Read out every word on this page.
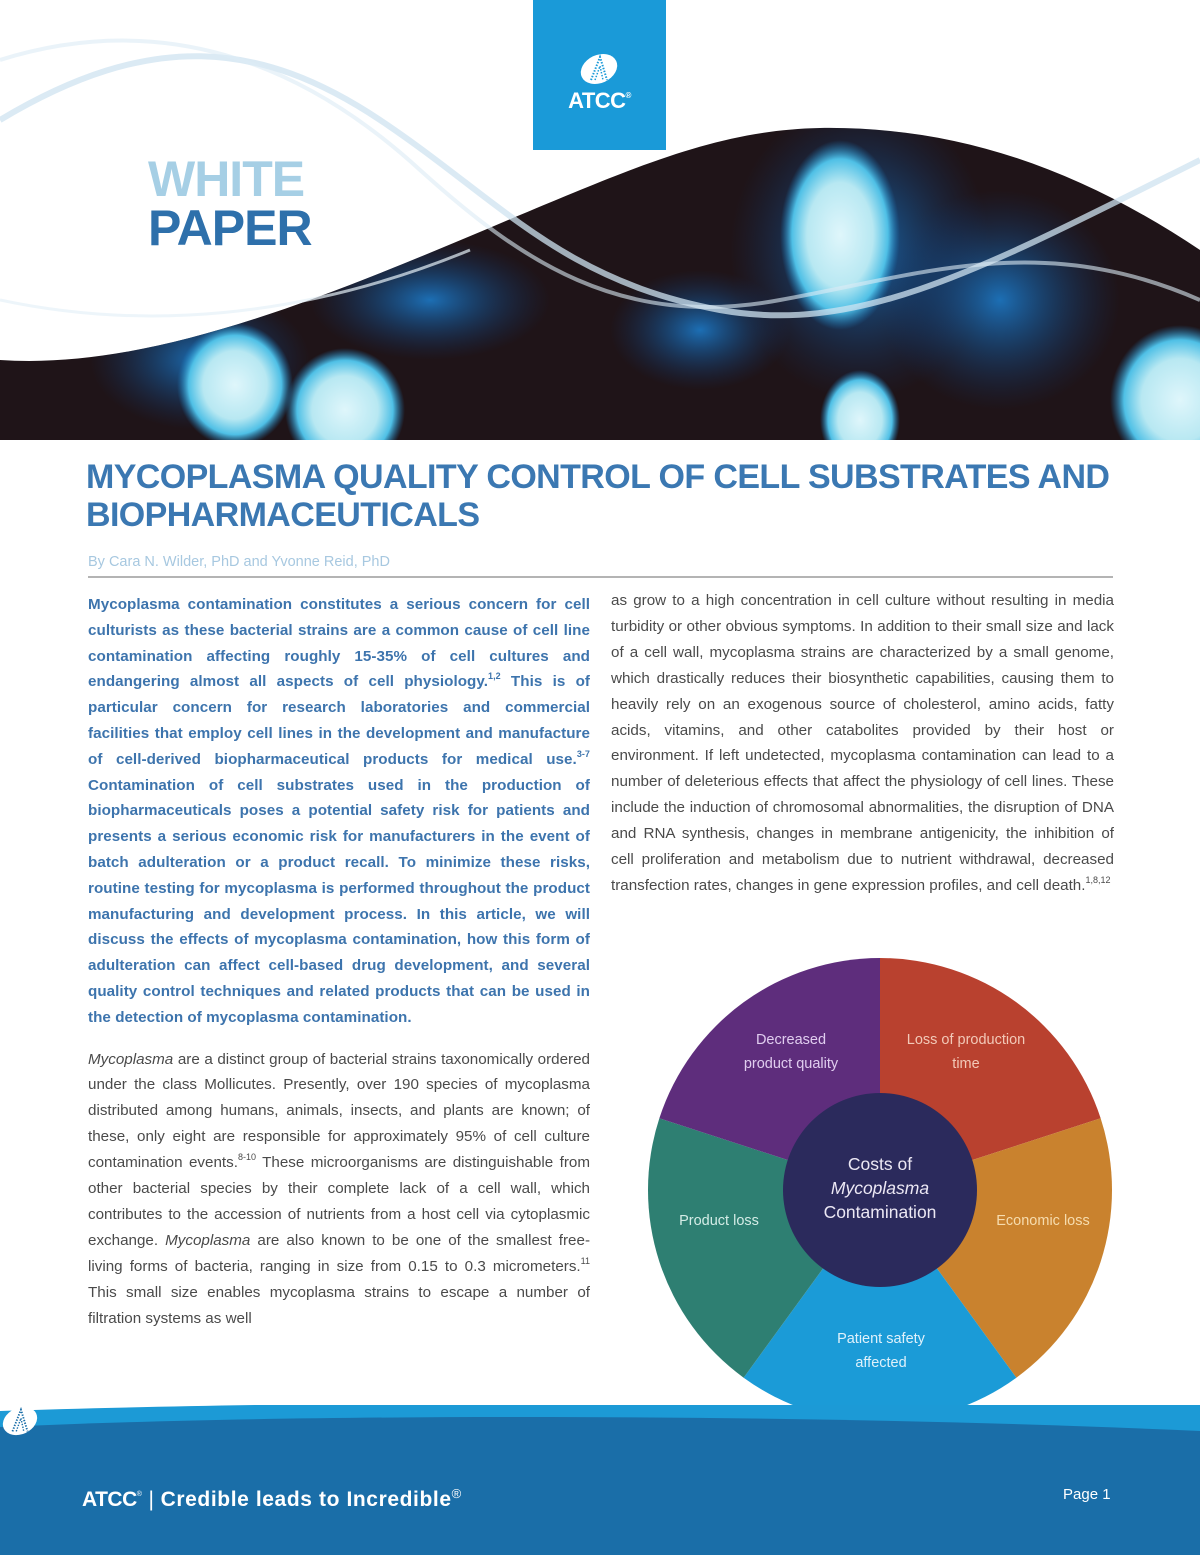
ATCC®
WHITE
PAPER
MYCOPLASMA QUALITY CONTROL OF CELL SUBSTRATES AND BIOPHARMACEUTICALS
By Cara N. Wilder, PhD and Yvonne Reid, PhD

Mycoplasma contamination constitutes a serious concern for cell culturists as these bacterial strains are a common cause of cell line contamination affecting roughly 15-35% of cell cultures and endangering almost all aspects of cell physiology.$^{1,2}$ This is of particular concern for research laboratories and commercial facilities that employ cell lines in the development and manufacture of cell-derived biopharmaceutical products for medical use.$^{3-7}$ Contamination of cell substrates used in the production of biopharmaceuticals poses a potential safety risk for patients and presents a serious economic risk for manufacturers in the event of batch adulteration or a product recall. To minimize these risks, routine testing for mycoplasma is performed throughout the product manufacturing and development process. In this article, we will discuss the effects of mycoplasma contamination, how this form of adulteration can affect cell-based drug development, and several quality control techniques and related products that can be used in the detection of mycoplasma contamination.

Mycoplasma are a distinct group of bacterial strains taxonomically ordered under the class Mollicutes. Presently, over 190 species of mycoplasma distributed among humans, animals, insects, and plants are known; of these, only eight are responsible for approximately 95% of cell culture contamination events.$^{8-10}$ These microorganisms are distinguishable from other bacterial species by their complete lack of a cell wall, which contributes to the accession of nutrients from a host cell via cytoplasmic exchange. Mycoplasma are also known to be one of the smallest free-living forms of bacteria, ranging in size from 0.15 to 0.3 micrometers.$^{11}$ This small size enables mycoplasma strains to escape a number of filtration systems as well

as grow to a high concentration in cell culture without resulting in media turbidity or other obvious symptoms. In addition to their small size and lack of a cell wall, mycoplasma strains are characterized by a small genome, which drastically reduces their biosynthetic capabilities, causing them to heavily rely on an exogenous source of cholesterol, amino acids, fatty acids, vitamins, and other catabolites provided by their host or environment. If left undetected, mycoplasma contamination can lead to a number of deleterious effects that affect the physiology of cell lines. These include the induction of chromosomal abnormalities, the disruption of DNA and RNA synthesis, changes in membrane antigenicity, the inhibition of cell proliferation and metabolism due to nutrient withdrawal, decreased transfection rates, changes in gene expression profiles, and cell death.$^{1,8,12}$

Loss of production
time
Economic loss
Patient safety
affected
Product loss
Decreased
product quality
Costs of
Mycoplasma
Contamination
ATCC® | Credible leads to Incredible®	Page 1
